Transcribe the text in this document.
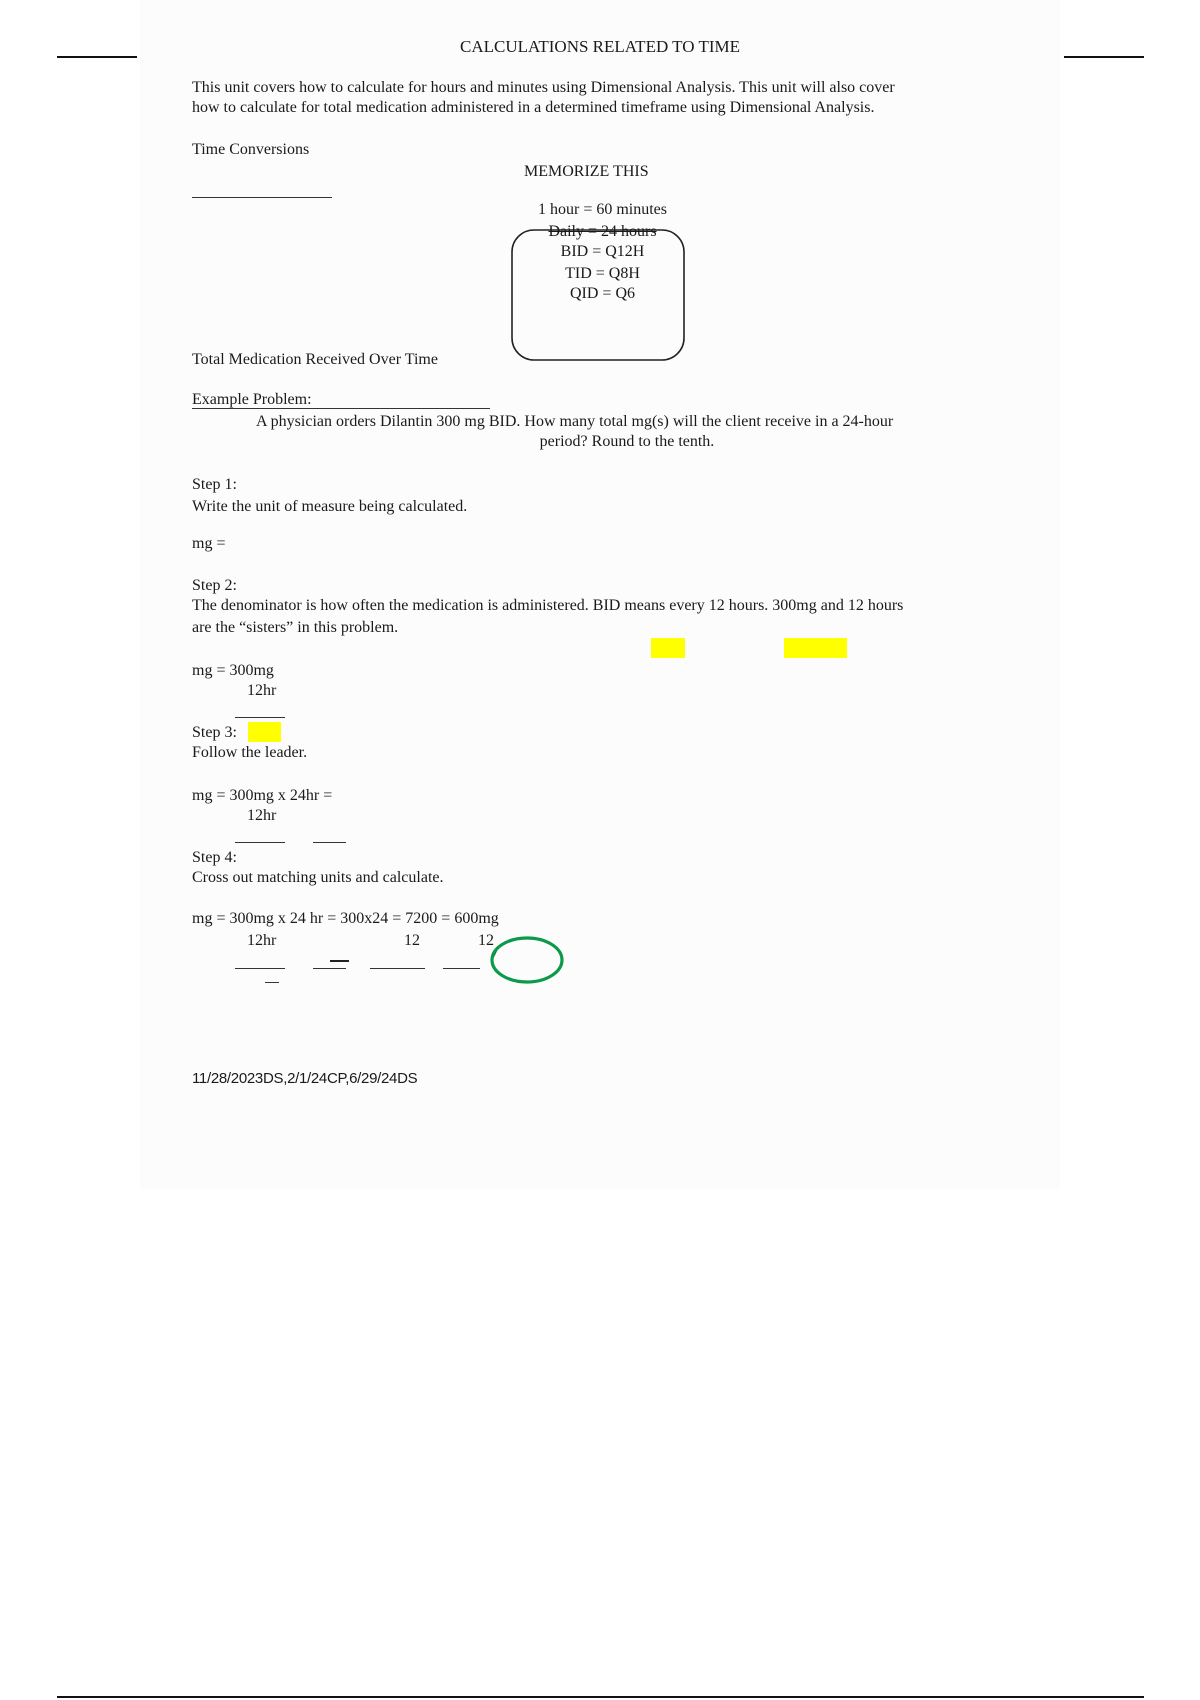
CALCULATIONS RELATED TO TIME
This unit covers how to calculate for hours and minutes using Dimensional Analysis. This unit will also cover
how to calculate for total medication administered in a determined timeframe using Dimensional Analysis.
Time Conversions
MEMORIZE THIS
1 hour = 60 minutes
Daily = 24 hours
BID = Q12H
TID = Q8H
QID = Q6
Total Medication Received Over Time
Example Problem:
A physician orders Dilantin 300 mg BID. How many total mg(s) will the client receive in a 24-hour
period? Round to the tenth.
Step 1:
Write the unit of measure being calculated.
mg =
Step 2:
The denominator is how often the medication is administered. BID means every 12 hours. 300mg and 12 hours
are the “sisters” in this problem.
mg = 300mg
12hr
Step 3:
Follow the leader.
mg = 300mg x 24hr =
12hr
Step 4:
Cross out matching units and calculate.
mg = 300mg x 24 hr = 300x24 = 7200 = 600mg
12hr	12	12
11/28/2023DS,2/1/24CP,6/29/24DS
